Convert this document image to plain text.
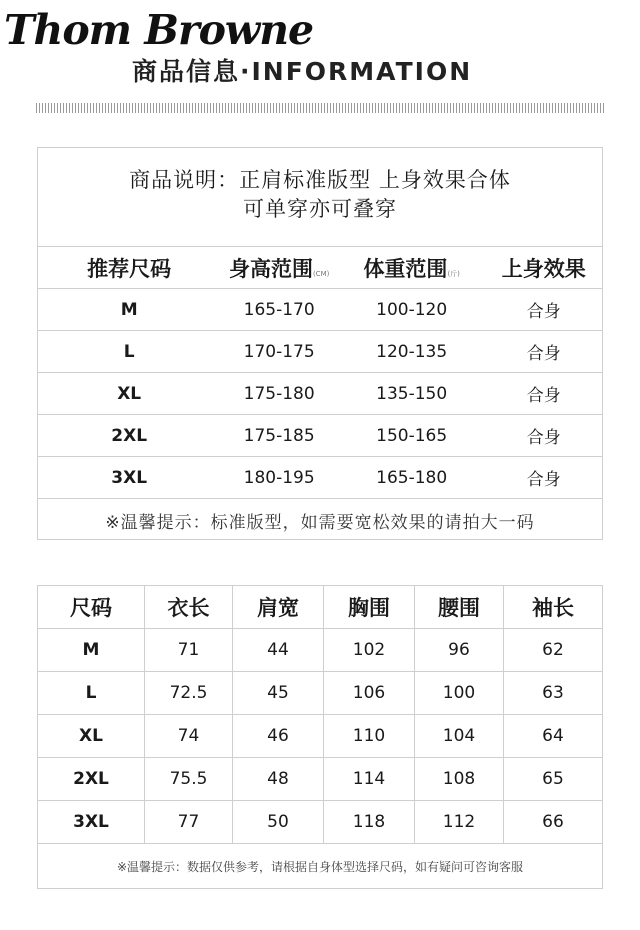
Thom Browne
商品信息·INFORMATION
商品说明：正肩标准版型 上身效果合体
可单穿亦可叠穿
推荐尺码	身高范围(CM)	体重范围(斤)	上身效果
M	165-170	100-120	合身
L	170-175	120-135	合身
XL	175-180	135-150	合身
2XL	175-185	150-165	合身
3XL	180-195	165-180	合身
※温馨提示：标准版型，如需要宽松效果的请拍大一码
尺码	衣长	肩宽	胸围	腰围	袖长
M	71	44	102	96	62
L	72.5	45	106	100	63
XL	74	46	110	104	64
2XL	75.5	48	114	108	65
3XL	77	50	118	112	66
※温馨提示：数据仅供参考，请根据自身体型选择尺码，如有疑问可咨询客服
